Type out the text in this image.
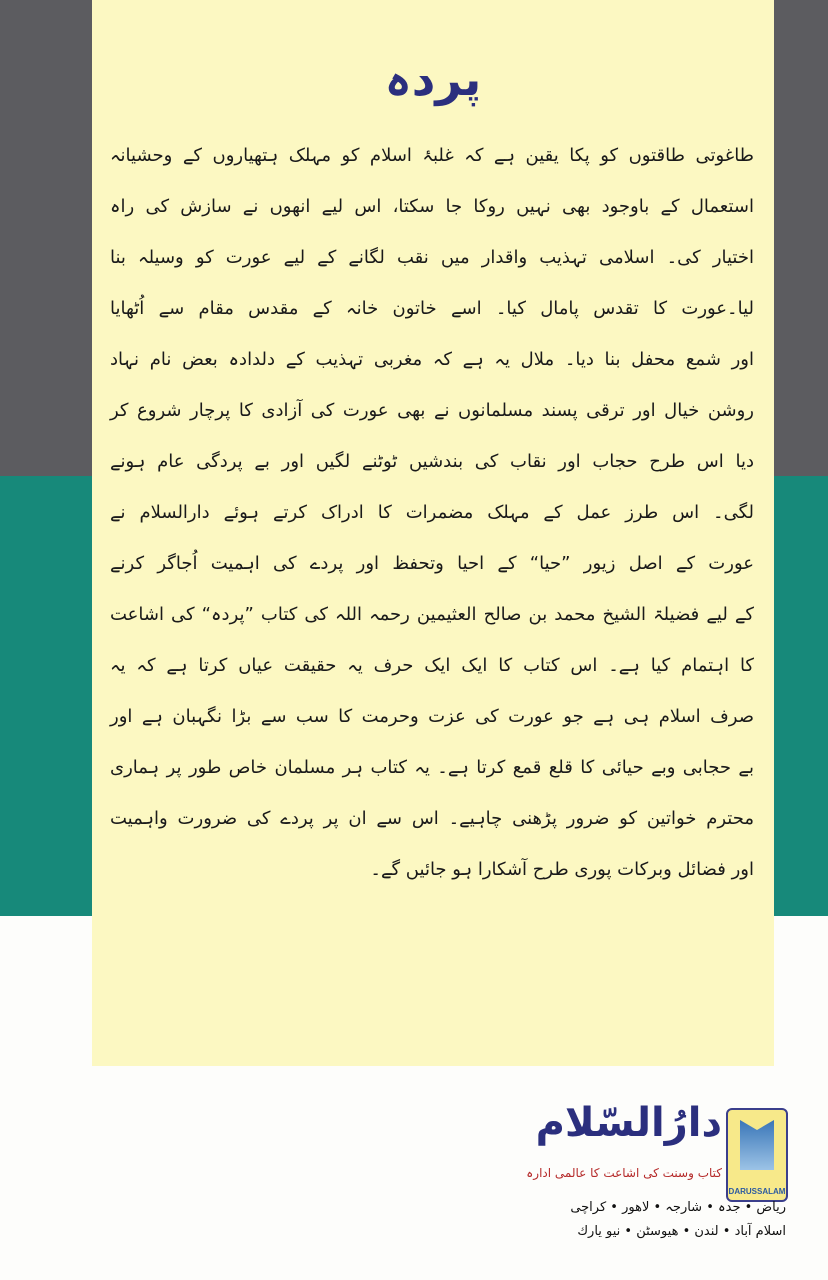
پردہ
طاغوتی طاقتوں کو پکا یقین ہے کہ غلبۂ اسلام کو مہلک ہتھیاروں کے وحشیانہ
استعمال کے باوجود بھی نہیں روکا جا سکتا، اس لیے انھوں نے سازش کی راہ
اختیار کی۔ اسلامی تہذیب واقدار میں نقب لگانے کے لیے عورت کو وسیلہ بنا
لیا۔عورت کا تقدس پامال کیا۔ اسے خاتون خانہ کے مقدس مقام سے اُٹھایا
اور شمع محفل بنا دیا۔ ملال یہ ہے کہ مغربی تہذیب کے دلدادہ بعض نام نہاد
روشن خیال اور ترقی پسند مسلمانوں نے بھی عورت کی آزادی کا پرچار شروع کر
دیا اس طرح حجاب اور نقاب کی بندشیں ٹوٹنے لگیں اور بے پردگی عام ہونے
لگی۔ اس طرز عمل کے مہلک مضمرات کا ادراک کرتے ہوئے دارالسلام نے
عورت کے اصل زیور ”حیا“ کے احیا وتحفظ اور پردے کی اہمیت اُجاگر کرنے
کے لیے فضیلۃ الشیخ محمد بن صالح العثیمین رحمہ اللہ کی کتاب ”پردہ“ کی اشاعت
کا اہتمام کیا ہے۔ اس کتاب کا ایک ایک حرف یہ حقیقت عیاں کرتا ہے کہ یہ
صرف اسلام ہی ہے جو عورت کی عزت وحرمت کا سب سے بڑا نگہبان ہے اور
بے حجابی وبے حیائی کا قلع قمع کرتا ہے۔ یہ کتاب ہر مسلمان خاص طور پر ہماری
محترم خواتین کو ضرور پڑھنی چاہیے۔ اس سے ان پر پردے کی ضرورت واہمیت
اور فضائل وبرکات پوری طرح آشکارا ہو جائیں گے۔
DARUSSALAM
دارُالسّلام
کتاب وسنت کی اشاعت کا عالمی ادارہ
ریاض • جدہ • شارجہ • لاهور • کراچی
اسلام آباد • لندن • هیوسٹن • نیو یارك
